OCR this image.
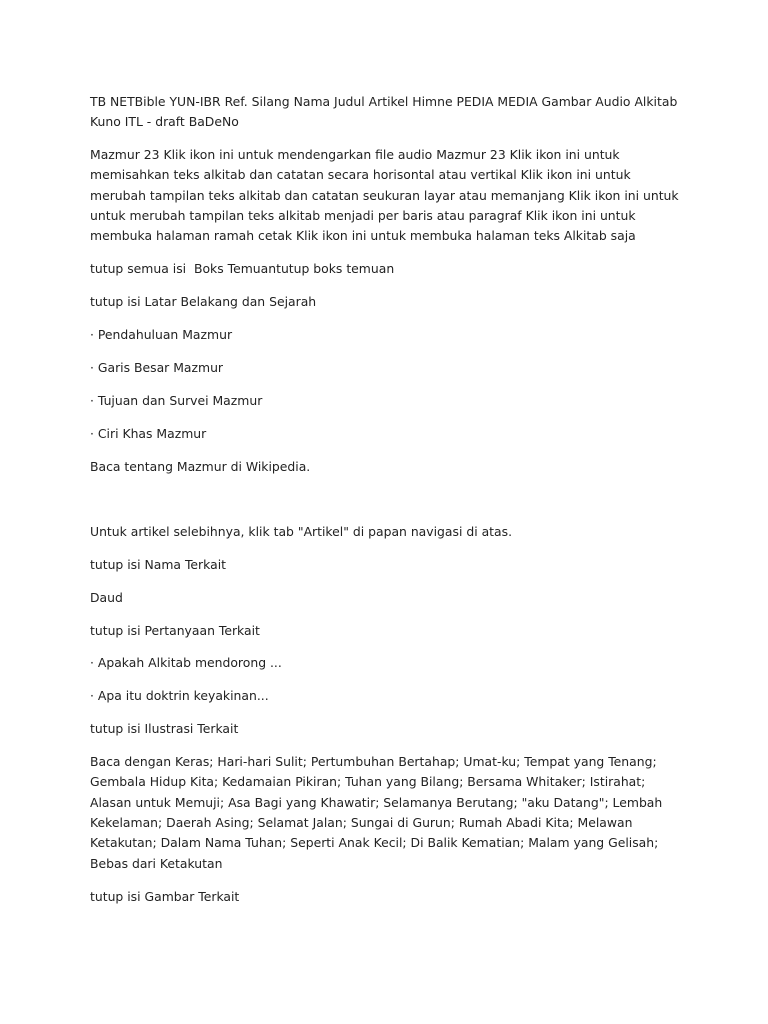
TB NETBible YUN-IBR Ref. Silang Nama Judul Artikel Himne PEDIA MEDIA Gambar Audio Alkitab Kuno ITL - draft BaDeNo

Mazmur 23 Klik ikon ini untuk mendengarkan file audio Mazmur 23 Klik ikon ini untuk memisahkan teks alkitab dan catatan secara horisontal atau vertikal Klik ikon ini untuk merubah tampilan teks alkitab dan catatan seukuran layar atau memanjang Klik ikon ini untuk untuk merubah tampilan teks alkitab menjadi per baris atau paragraf Klik ikon ini untuk membuka halaman ramah cetak Klik ikon ini untuk membuka halaman teks Alkitab saja

tutup semua isi  Boks Temuantutup boks temuan

tutup isi Latar Belakang dan Sejarah

· Pendahuluan Mazmur

· Garis Besar Mazmur

· Tujuan dan Survei Mazmur

· Ciri Khas Mazmur

Baca tentang Mazmur di Wikipedia.

Untuk artikel selebihnya, klik tab "Artikel" di papan navigasi di atas.

tutup isi Nama Terkait

Daud

tutup isi Pertanyaan Terkait

· Apakah Alkitab mendorong ...

· Apa itu doktrin keyakinan...

tutup isi Ilustrasi Terkait

Baca dengan Keras; Hari-hari Sulit; Pertumbuhan Bertahap; Umat-ku; Tempat yang Tenang; Gembala Hidup Kita; Kedamaian Pikiran; Tuhan yang Bilang; Bersama Whitaker; Istirahat; Alasan untuk Memuji; Asa Bagi yang Khawatir; Selamanya Berutang; "aku Datang"; Lembah Kekelaman; Daerah Asing; Selamat Jalan; Sungai di Gurun; Rumah Abadi Kita; Melawan Ketakutan; Dalam Nama Tuhan; Seperti Anak Kecil; Di Balik Kematian; Malam yang Gelisah; Bebas dari Ketakutan

tutup isi Gambar Terkait
